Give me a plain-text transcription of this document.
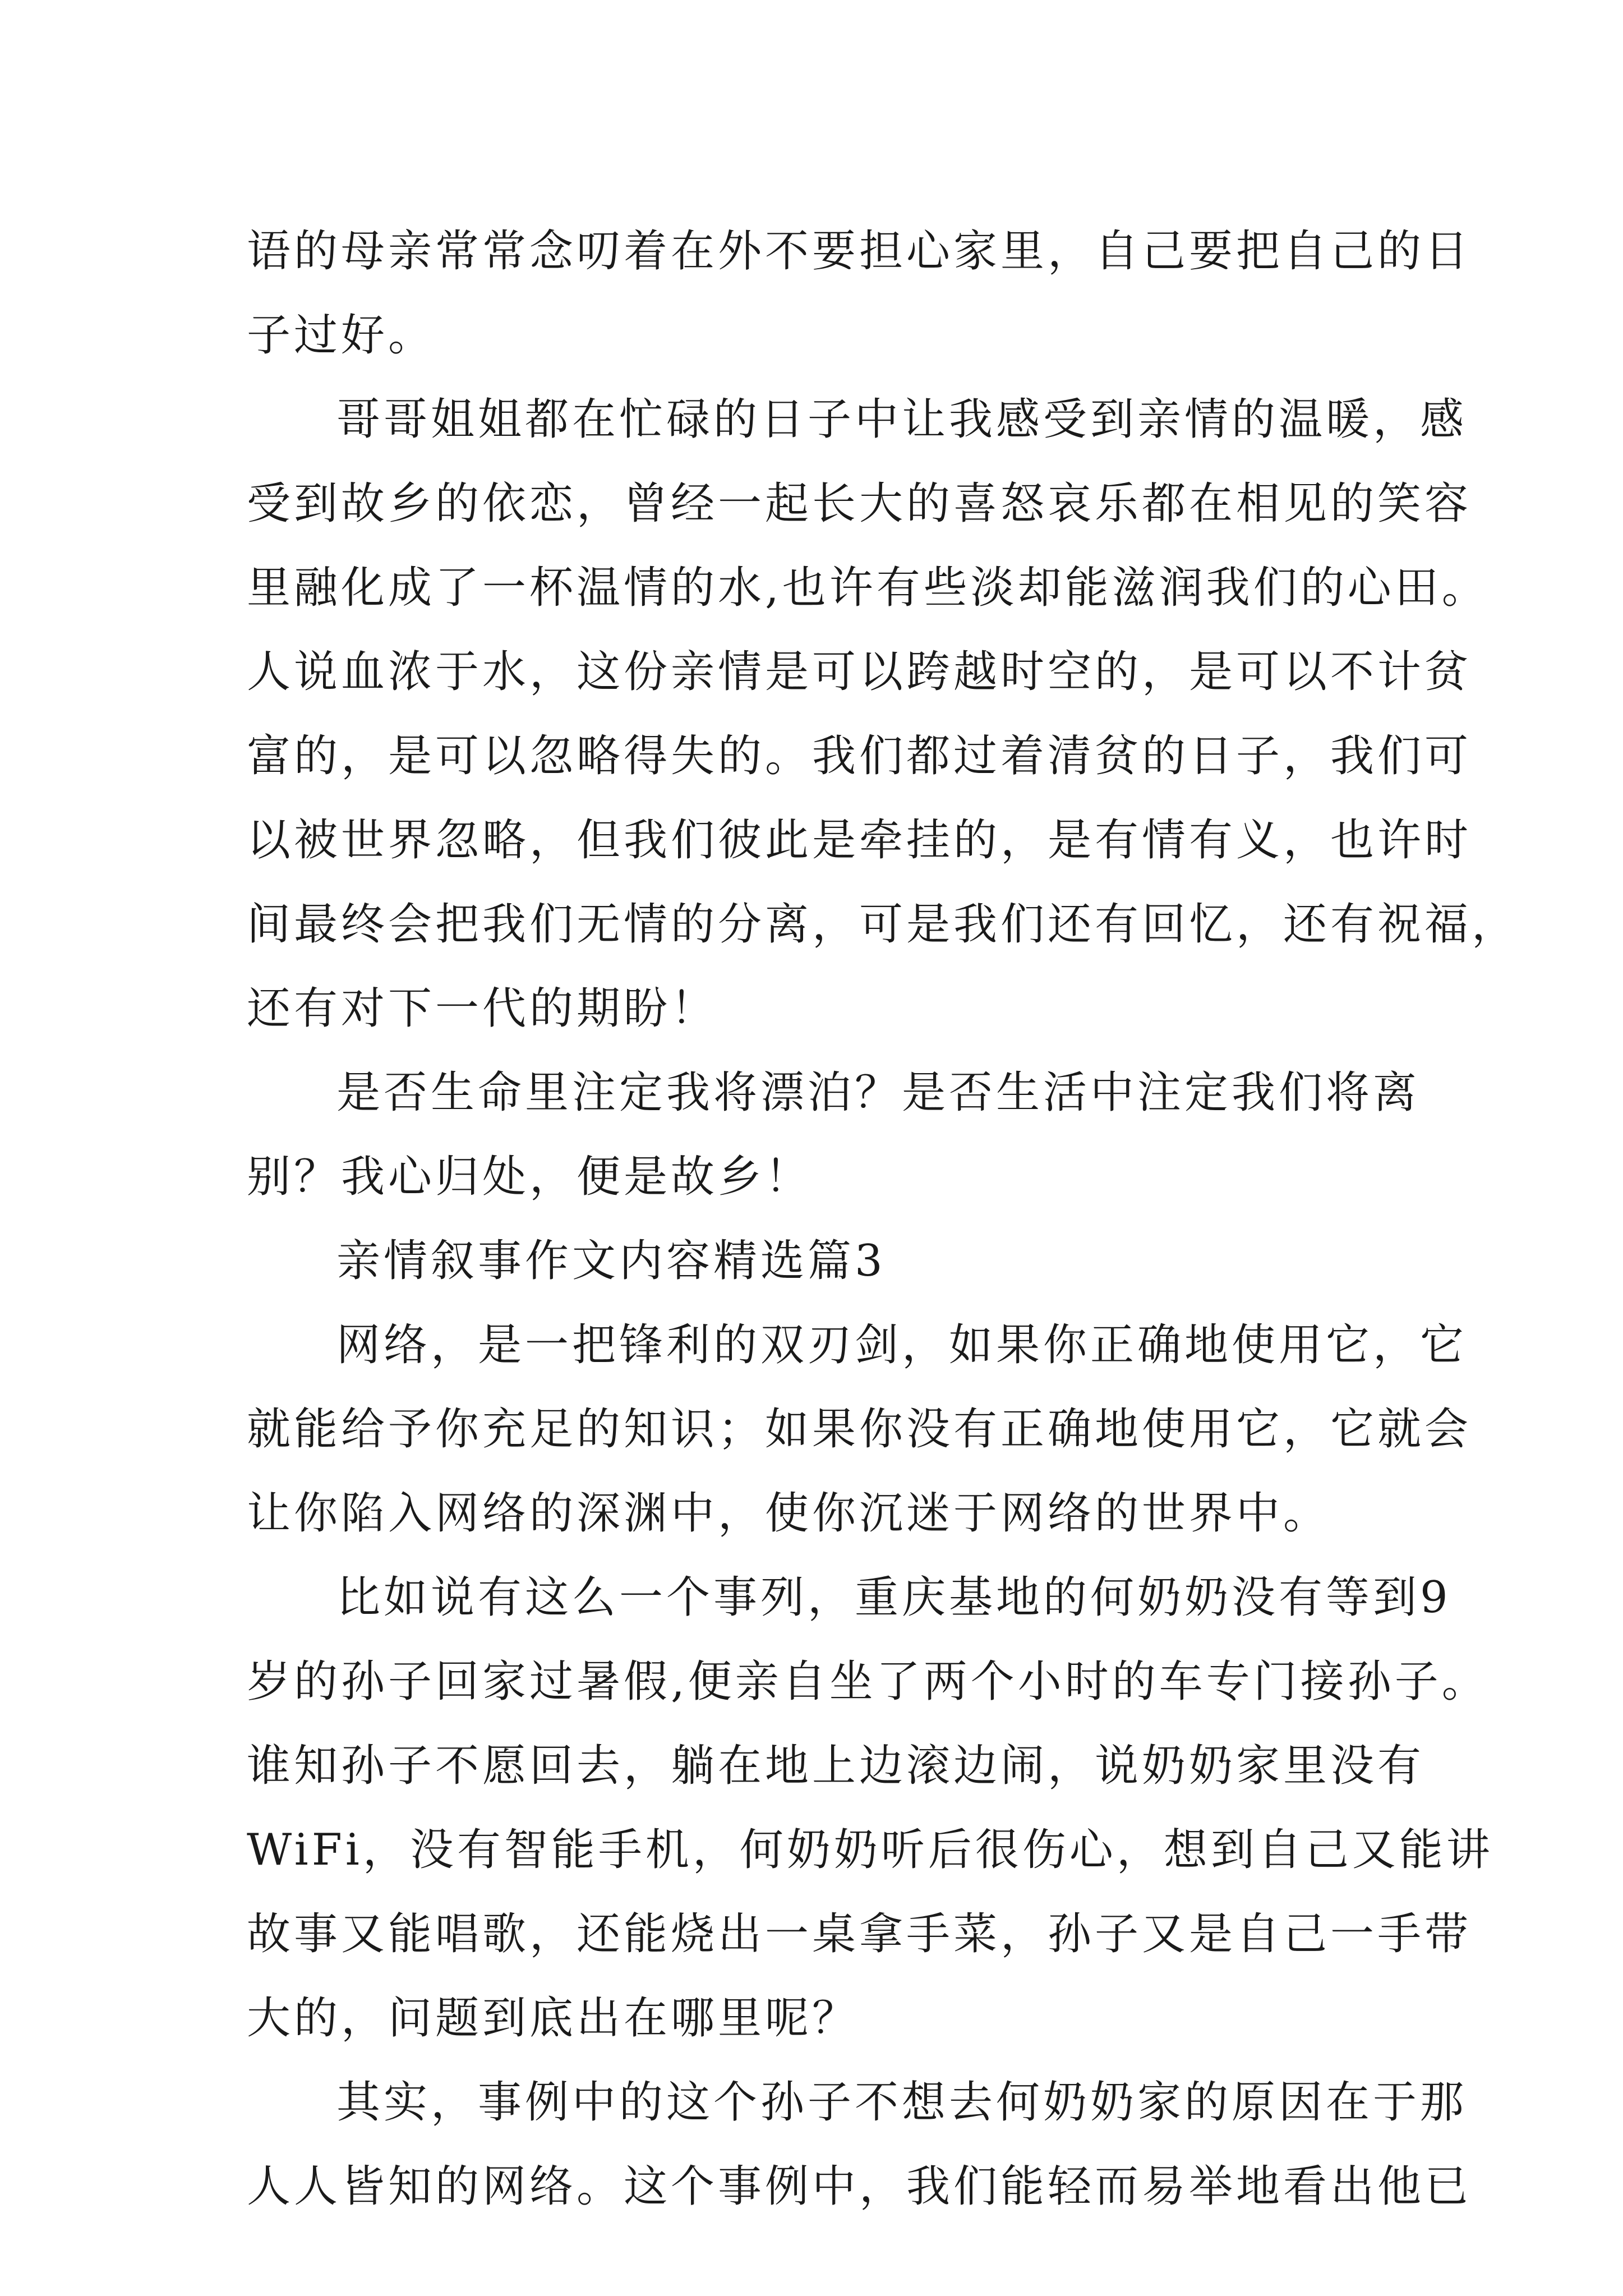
语的母亲常常念叨着在外不要担心家里，自己要把自己的日
子过好。
哥哥姐姐都在忙碌的日子中让我感受到亲情的温暖，感
受到故乡的依恋，曾经一起长大的喜怒哀乐都在相见的笑容
里融化成了一杯温情的水,也许有些淡却能滋润我们的心田。
人说血浓于水，这份亲情是可以跨越时空的，是可以不计贫
富的，是可以忽略得失的。我们都过着清贫的日子，我们可
以被世界忽略，但我们彼此是牵挂的，是有情有义，也许时
间最终会把我们无情的分离，可是我们还有回忆，还有祝福，
还有对下一代的期盼！
是否生命里注定我将漂泊？是否生活中注定我们将离
别？我心归处，便是故乡！
亲情叙事作文内容精选篇3
网络，是一把锋利的双刃剑，如果你正确地使用它，它
就能给予你充足的知识；如果你没有正确地使用它，它就会
让你陷入网络的深渊中，使你沉迷于网络的世界中。
比如说有这么一个事列，重庆基地的何奶奶没有等到9
岁的孙子回家过暑假,便亲自坐了两个小时的车专门接孙子。
谁知孙子不愿回去，躺在地上边滚边闹，说奶奶家里没有
WiFi，没有智能手机，何奶奶听后很伤心，想到自己又能讲
故事又能唱歌，还能烧出一桌拿手菜，孙子又是自己一手带
大的，问题到底出在哪里呢？
其实，事例中的这个孙子不想去何奶奶家的原因在于那
人人皆知的网络。这个事例中，我们能轻而易举地看出他已
